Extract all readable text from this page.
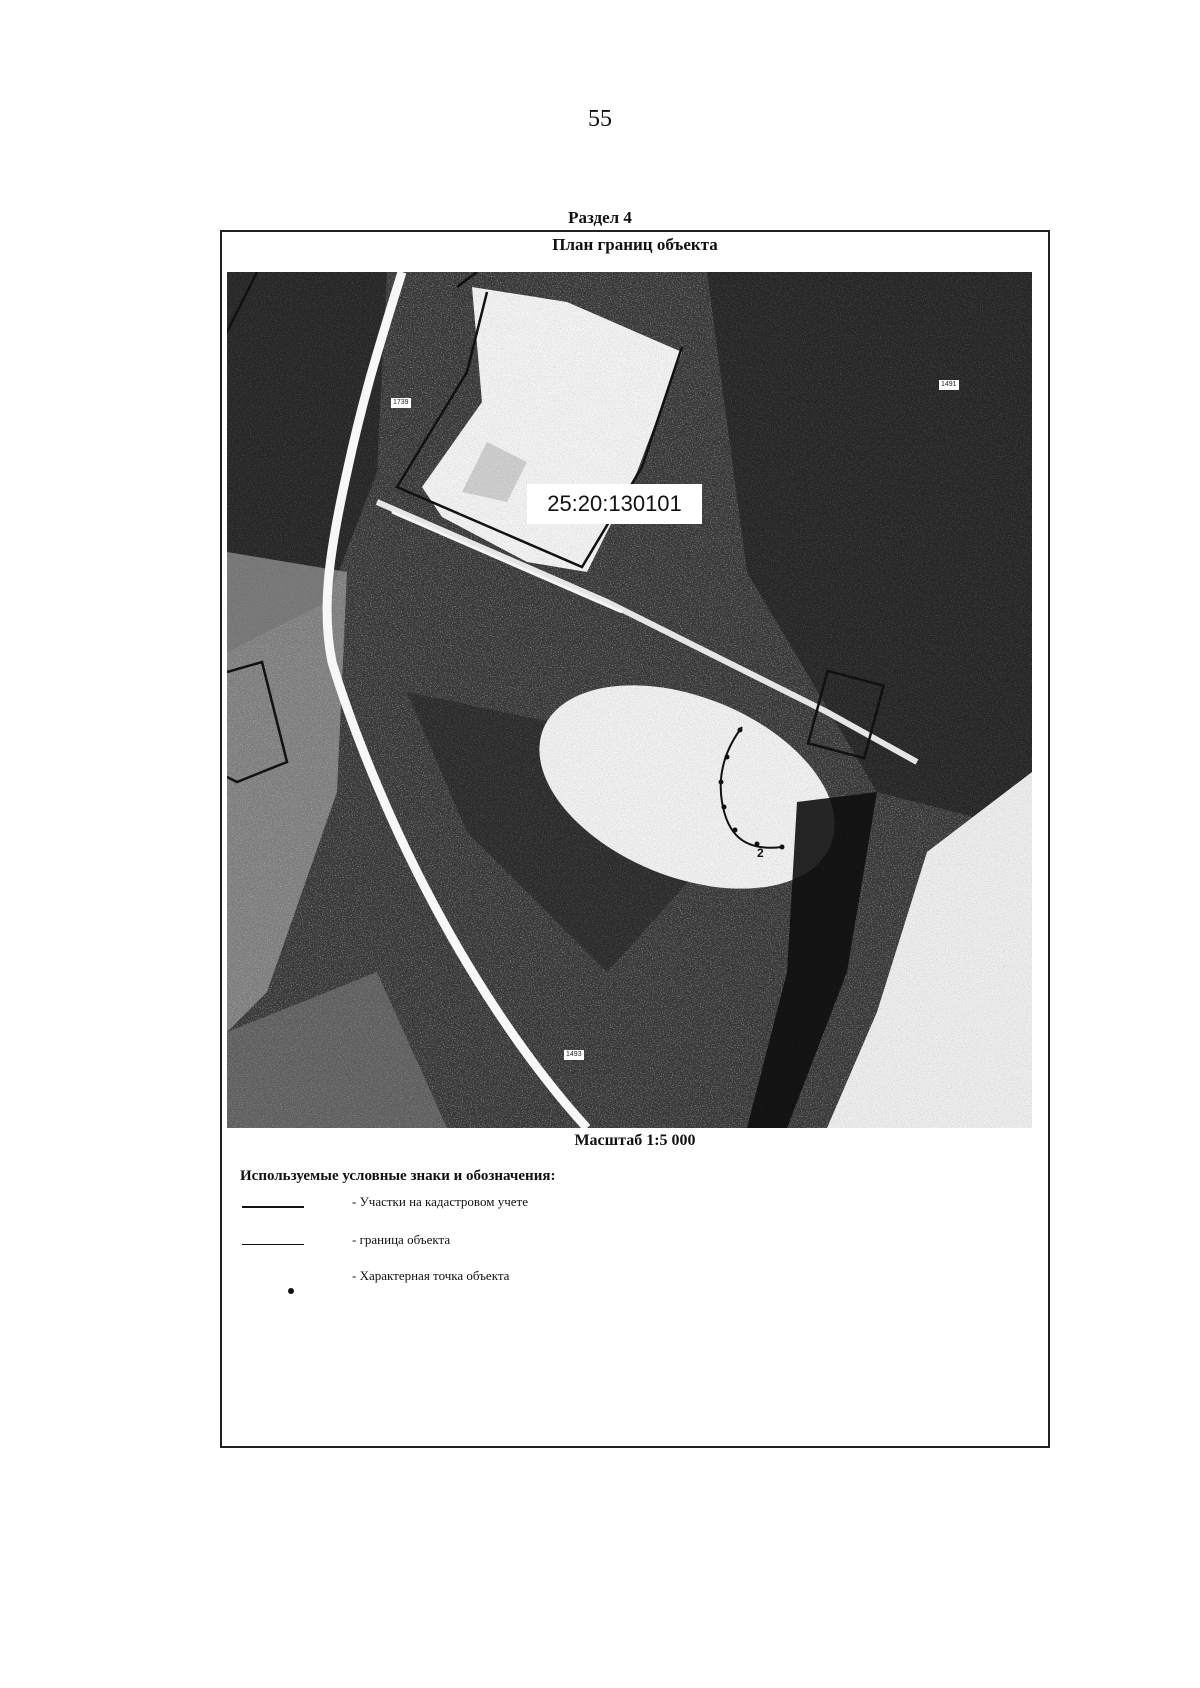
55
Раздел 4
План границ объекта
25:20:130101
1739
1491
1493
2
Масштаб 1:5 000
Используемые условные знаки и обозначения:
- Участки на кадастровом учете
- граница объекта
- Характерная точка объекта
